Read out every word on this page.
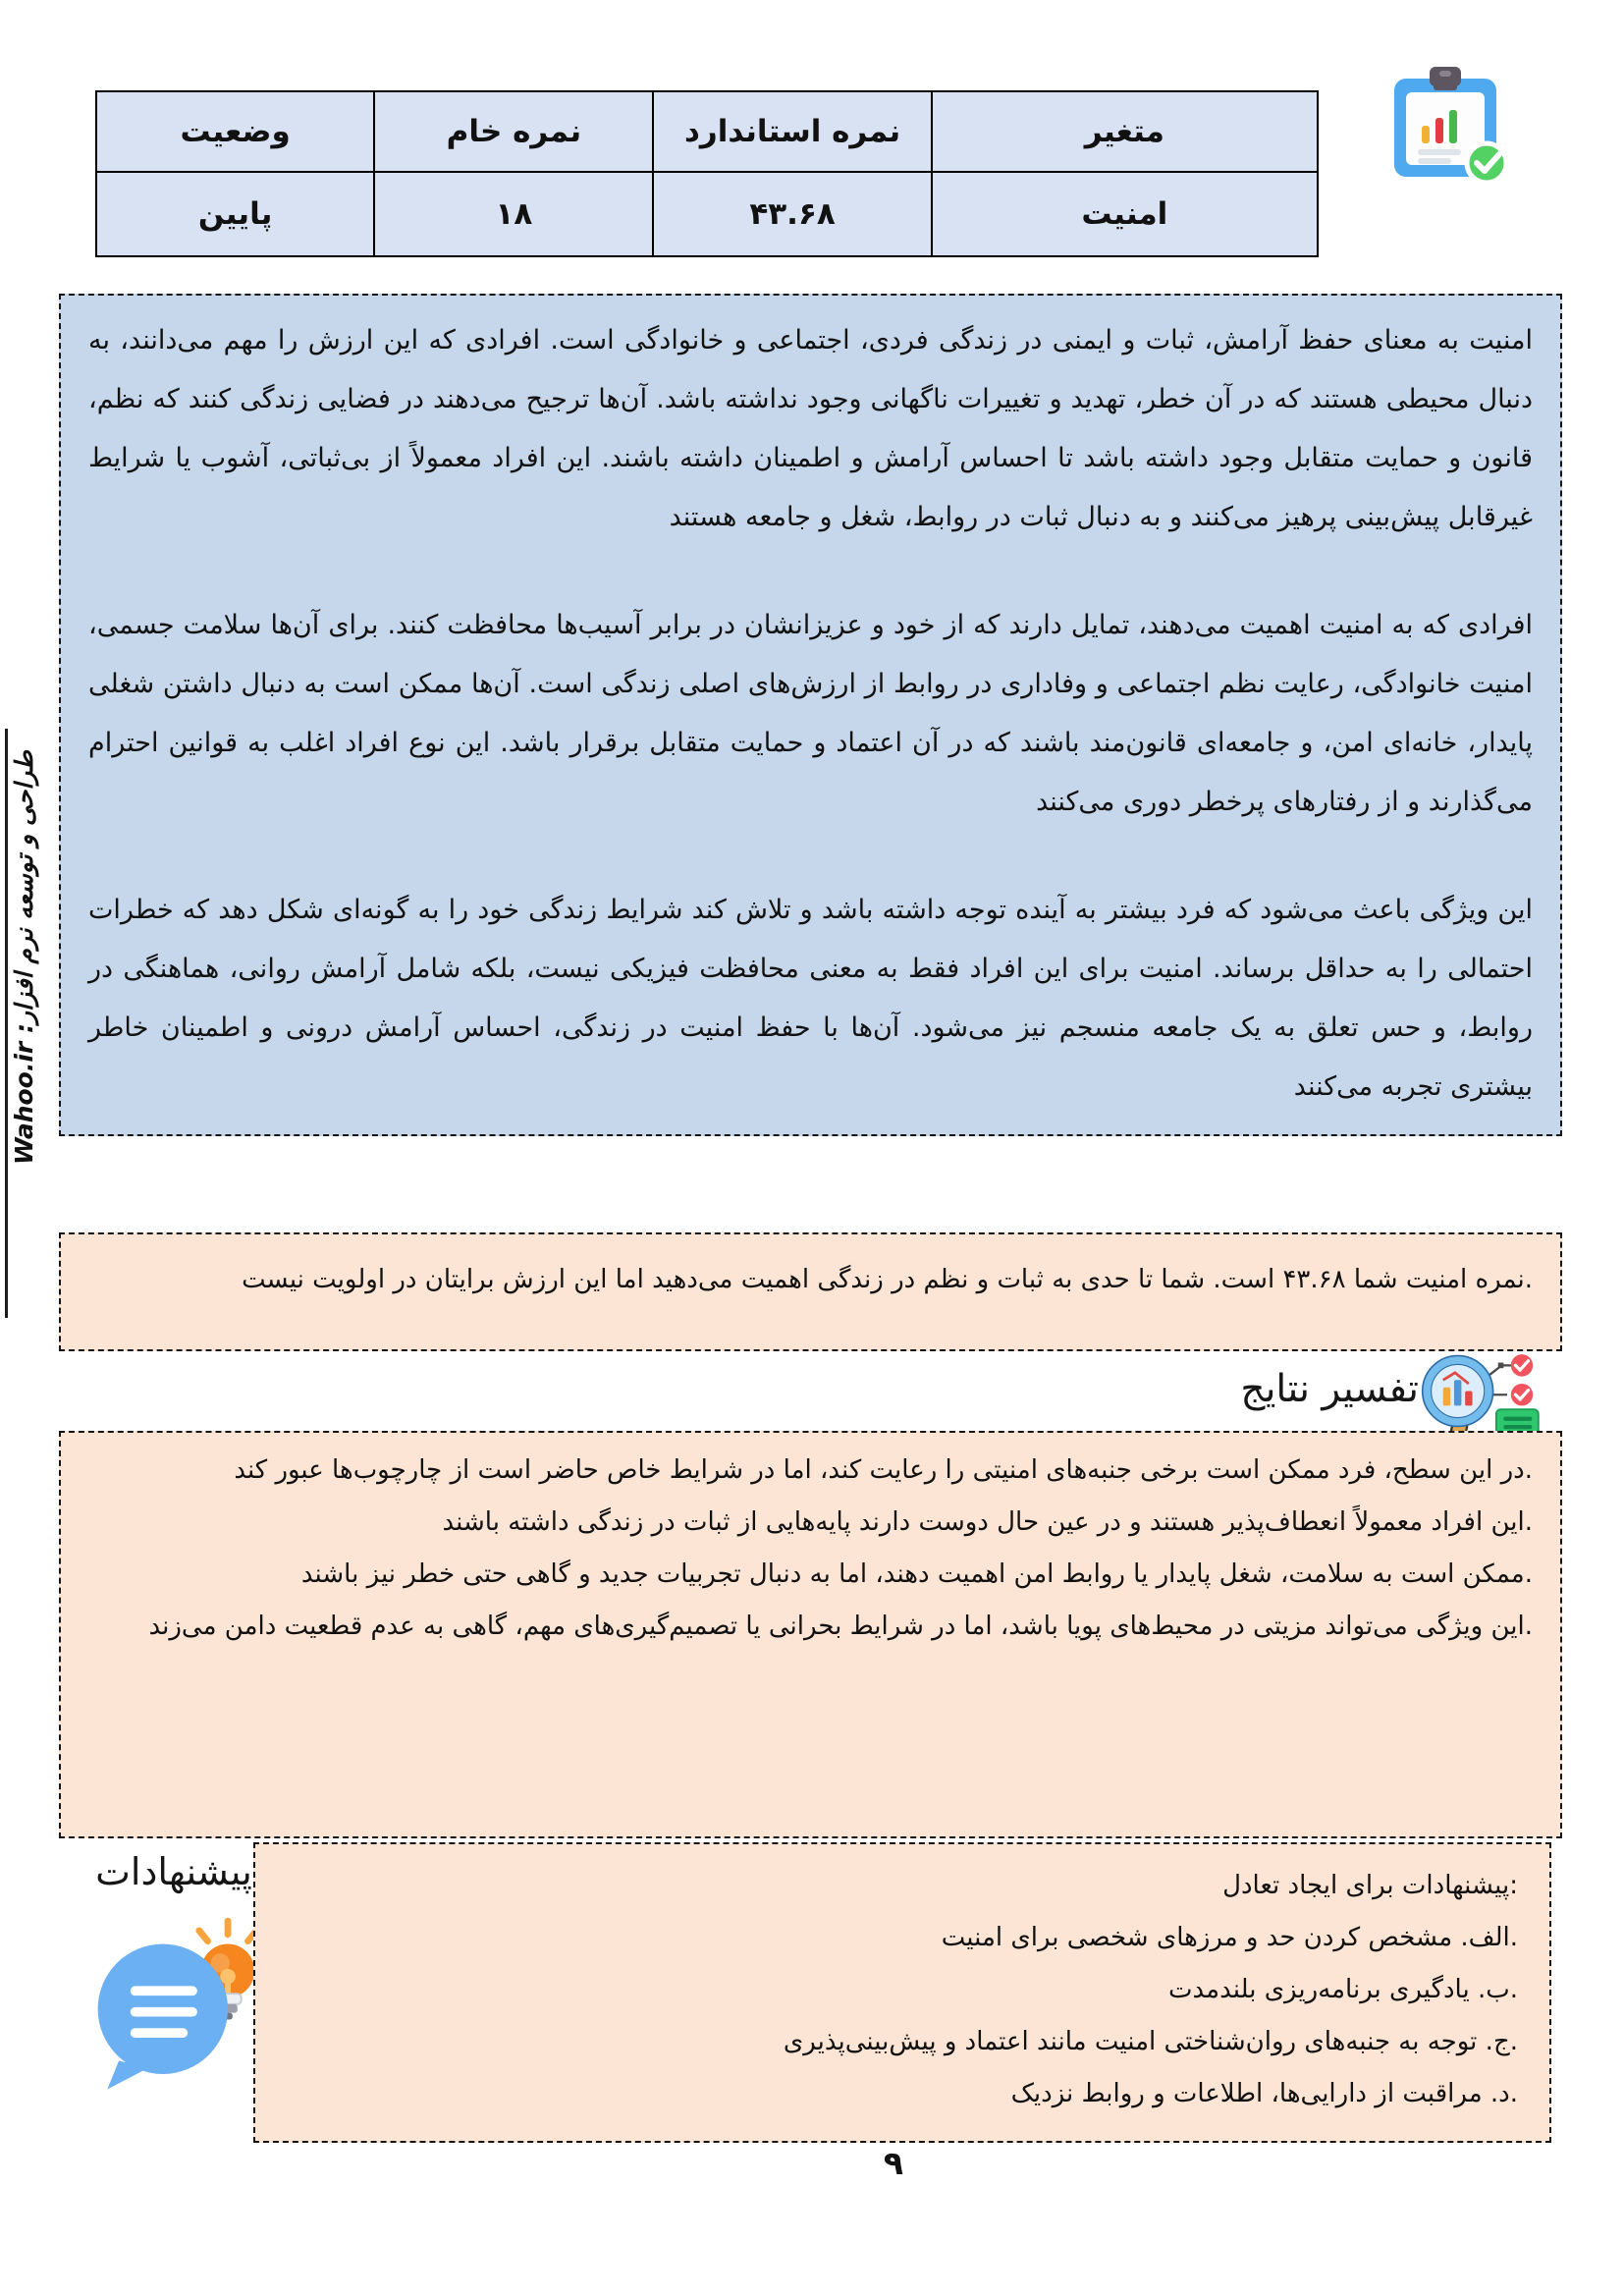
متغیر	نمره استاندارد	نمره خام	وضعیت
امنیت	۴۳.۶۸	۱۸	پایین

امنیت به معنای حفظ آرامش، ثبات و ایمنی در زندگی فردی، اجتماعی و خانوادگی است. افرادی که این ارزش را مهم می‌دانند، به دنبال محیطی هستند که در آن خطر، تهدید و تغییرات ناگهانی وجود نداشته باشد. آن‌ها ترجیح می‌دهند در فضایی زندگی کنند که نظم، قانون و حمایت متقابل وجود داشته باشد تا احساس آرامش و اطمینان داشته باشند. این افراد معمولاً از بی‌ثباتی، آشوب یا شرایط غیرقابل پیش‌بینی پرهیز می‌کنند و به دنبال ثبات در روابط، شغل و جامعه هستند

افرادی که به امنیت اهمیت می‌دهند، تمایل دارند که از خود و عزیزانشان در برابر آسیب‌ها محافظت کنند. برای آن‌ها سلامت جسمی، امنیت خانوادگی، رعایت نظم اجتماعی و وفاداری در روابط از ارزش‌های اصلی زندگی است. آن‌ها ممکن است به دنبال داشتن شغلی پایدار، خانه‌ای امن، و جامعه‌ای قانون‌مند باشند که در آن اعتماد و حمایت متقابل برقرار باشد. این نوع افراد اغلب به قوانین احترام می‌گذارند و از رفتارهای پرخطر دوری می‌کنند

این ویژگی باعث می‌شود که فرد بیشتر به آینده توجه داشته باشد و تلاش کند شرایط زندگی خود را به گونه‌ای شکل دهد که خطرات احتمالی را به حداقل برساند. امنیت برای این افراد فقط به معنی محافظت فیزیکی نیست، بلکه شامل آرامش روانی، هماهنگی در روابط، و حس تعلق به یک جامعه منسجم نیز می‌شود. آن‌ها با حفظ امنیت در زندگی، احساس آرامش درونی و اطمینان خاطر بیشتری تجربه می‌کنند

.نمره امنیت شما ۴۳.۶۸ است. شما تا حدی به ثبات و نظم در زندگی اهمیت می‌دهید اما این ارزش برایتان در اولویت نیست
تفسیر نتایج

.در این سطح، فرد ممکن است برخی جنبه‌های امنیتی را رعایت کند، اما در شرایط خاص حاضر است از چارچوب‌ها عبور کند

.این افراد معمولاً انعطاف‌پذیر هستند و در عین حال دوست دارند پایه‌هایی از ثبات در زندگی داشته باشند

.ممکن است به سلامت، شغل پایدار یا روابط امن اهمیت دهند، اما به دنبال تجربیات جدید و گاهی حتی خطر نیز باشند

.این ویژگی می‌تواند مزیتی در محیط‌های پویا باشد، اما در شرایط بحرانی یا تصمیم‌گیری‌های مهم، گاهی به عدم قطعیت دامن می‌زند

پیشنهادات	:پیشنهادات برای ایجاد تعادل

.الف. مشخص کردن حد و مرزهای شخصی برای امنیت

.ب. یادگیری برنامه‌ریزی بلندمدت

.ج. توجه به جنبه‌های روان‌شناختی امنیت مانند اعتماد و پیش‌بینی‌پذیری

.د. مراقبت از دارایی‌ها، اطلاعات و روابط نزدیک

۹
طراحی و توسعه نرم افزار: Wahoo.ir
